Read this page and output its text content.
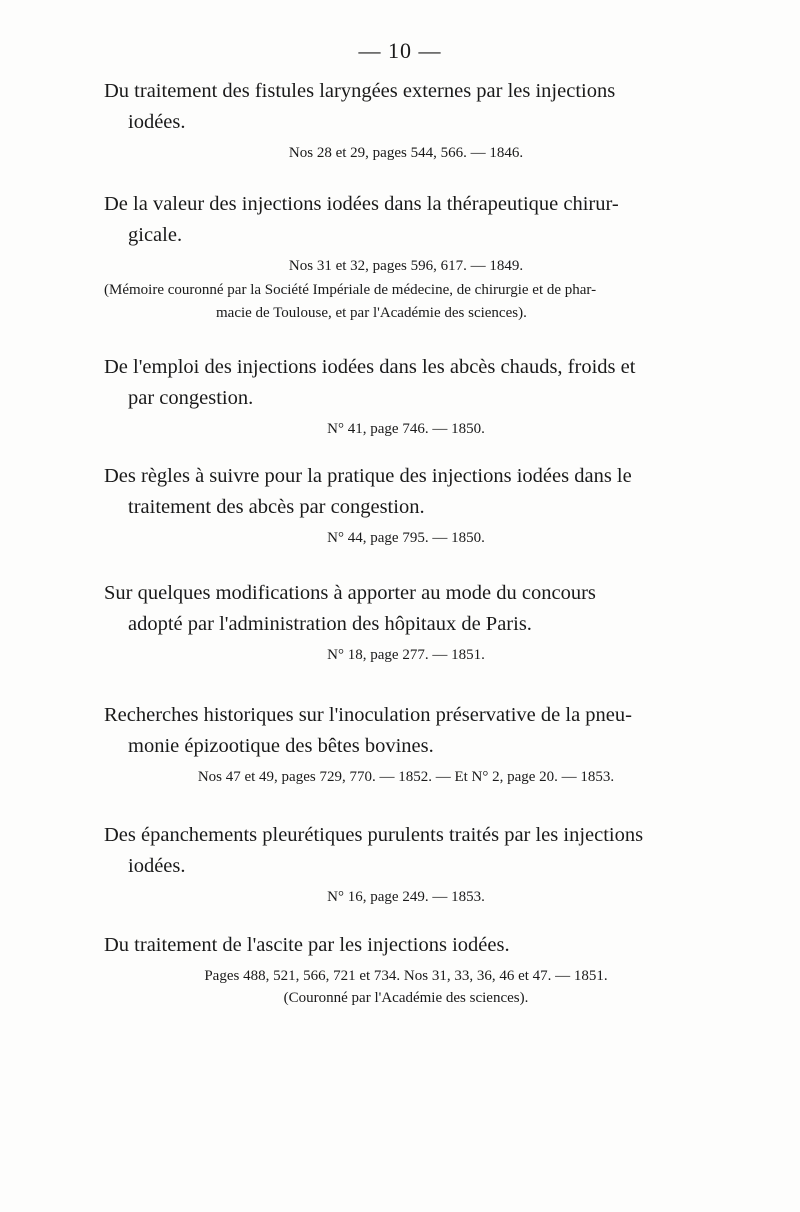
— 10 —

Du traitement des fistules laryngées externes par les injections
iodées.

Nos 28 et 29, pages 544, 566. — 1846.

De la valeur des injections iodées dans la thérapeutique chirur-
gicale.

Nos 31 et 32, pages 596, 617. — 1849.

(Mémoire couronné par la Société Impériale de médecine, de chirurgie et de phar-
macie de Toulouse, et par l'Académie des sciences).

De l'emploi des injections iodées dans les abcès chauds, froids et
par congestion.

N° 41, page 746. — 1850.

Des règles à suivre pour la pratique des injections iodées dans le
traitement des abcès par congestion.

N° 44, page 795. — 1850.

Sur quelques modifications à apporter au mode du concours
adopté par l'administration des hôpitaux de Paris.

N° 18, page 277. — 1851.

Recherches historiques sur l'inoculation préservative de la pneu-
monie épizootique des bêtes bovines.

Nos 47 et 49, pages 729, 770. — 1852. — Et N° 2, page 20. — 1853.

Des épanchements pleurétiques purulents traités par les injections
iodées.

N° 16, page 249. — 1853.

Du traitement de l'ascite par les injections iodées.

Pages 488, 521, 566, 721 et 734. Nos 31, 33, 36, 46 et 47. — 1851.

(Couronné par l'Académie des sciences).
